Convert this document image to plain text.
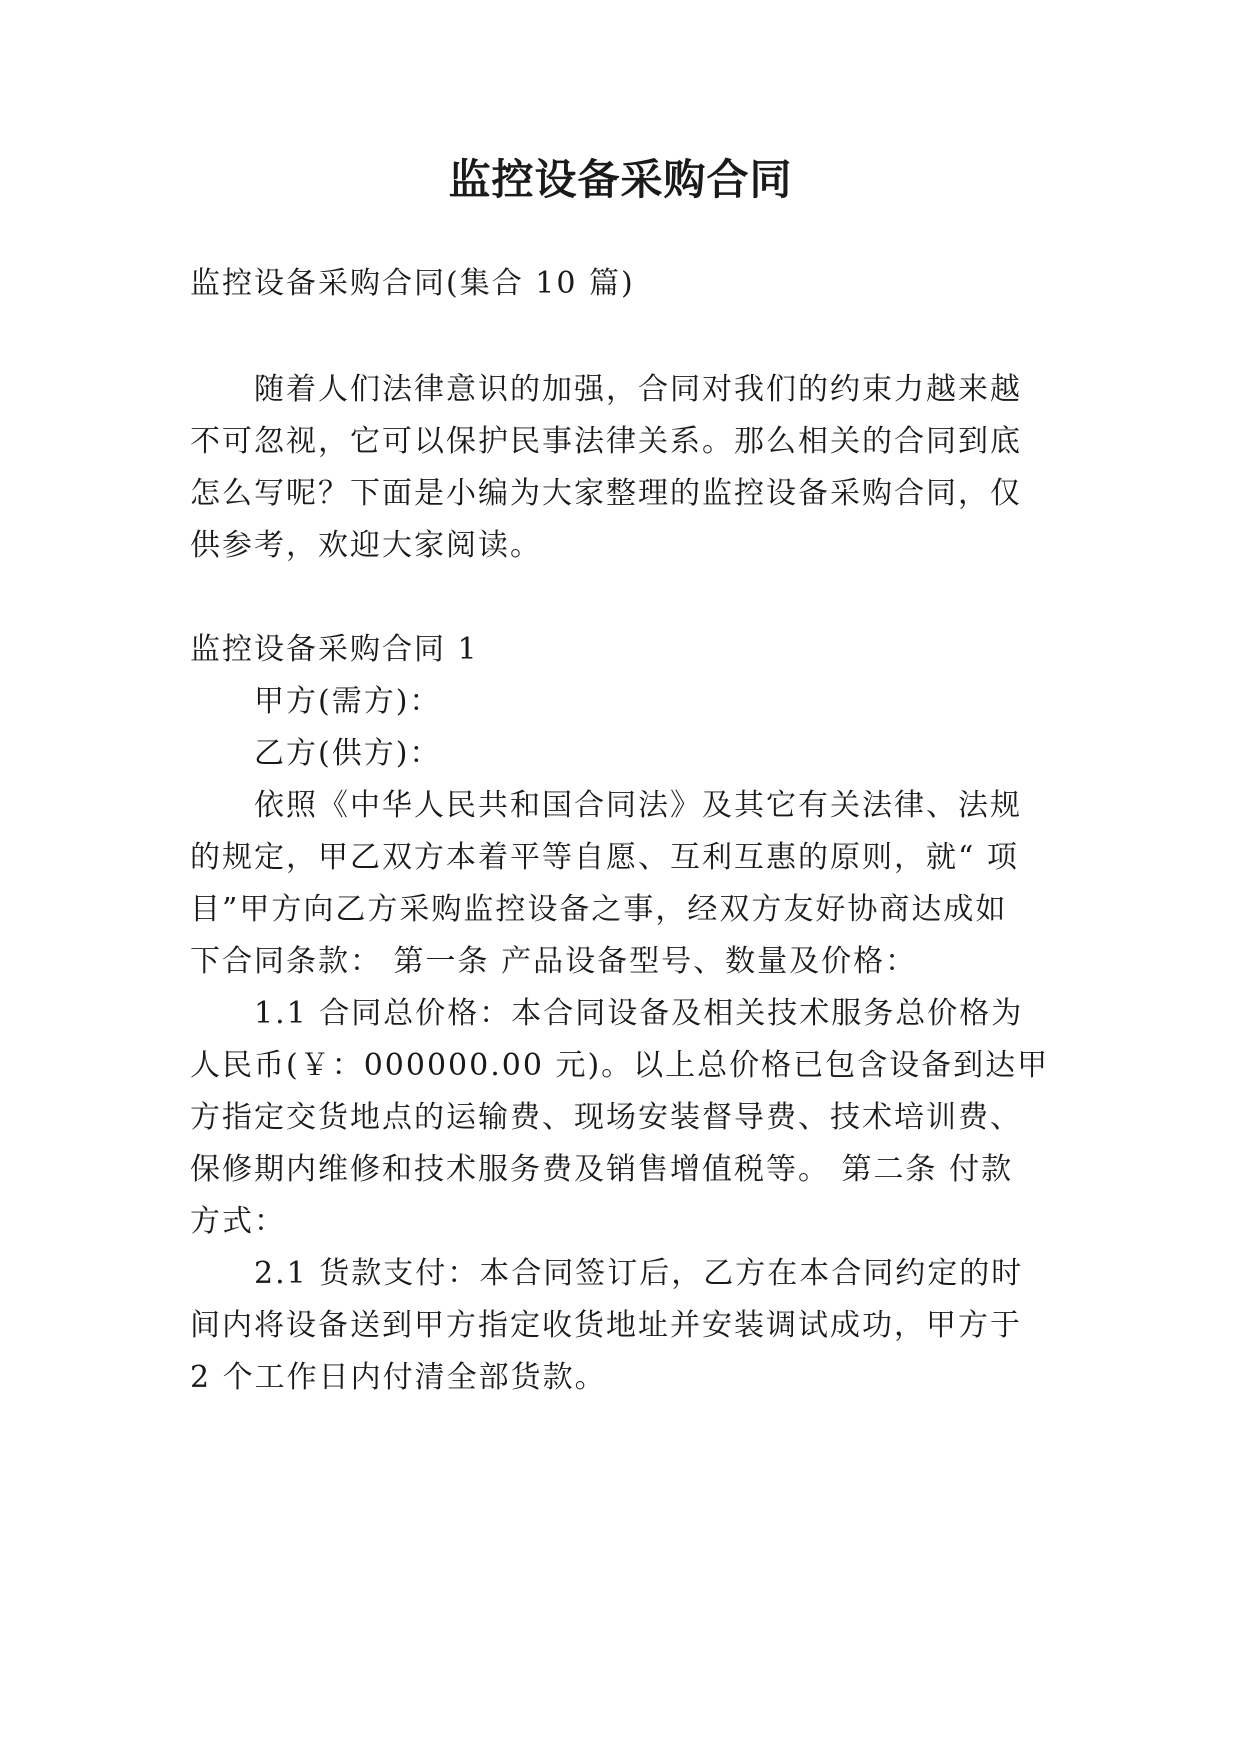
监控设备采购合同

监控设备采购合同(集合 10 篇)

随着人们法律意识的加强，合同对我们的约束力越来越

不可忽视，它可以保护民事法律关系。那么相关的合同到底

怎么写呢？下面是小编为大家整理的监控设备采购合同，仅

供参考，欢迎大家阅读。

监控设备采购合同 1

甲方(需方)：

乙方(供方)：

依照《中华人民共和国合同法》及其它有关法律、法规

的规定，甲乙双方本着平等自愿、互利互惠的原则，就“ 项

目”甲方向乙方采购监控设备之事，经双方友好协商达成如

下合同条款： 第一条 产品设备型号、数量及价格：

1.1 合同总价格：本合同设备及相关技术服务总价格为

人民币(￥：000000.00 元)。以上总价格已包含设备到达甲

方指定交货地点的运输费、现场安装督导费、技术培训费、

保修期内维修和技术服务费及销售增值税等。 第二条 付款

方式：

2.1 货款支付：本合同签订后，乙方在本合同约定的时

间内将设备送到甲方指定收货地址并安装调试成功，甲方于

2 个工作日内付清全部货款。
